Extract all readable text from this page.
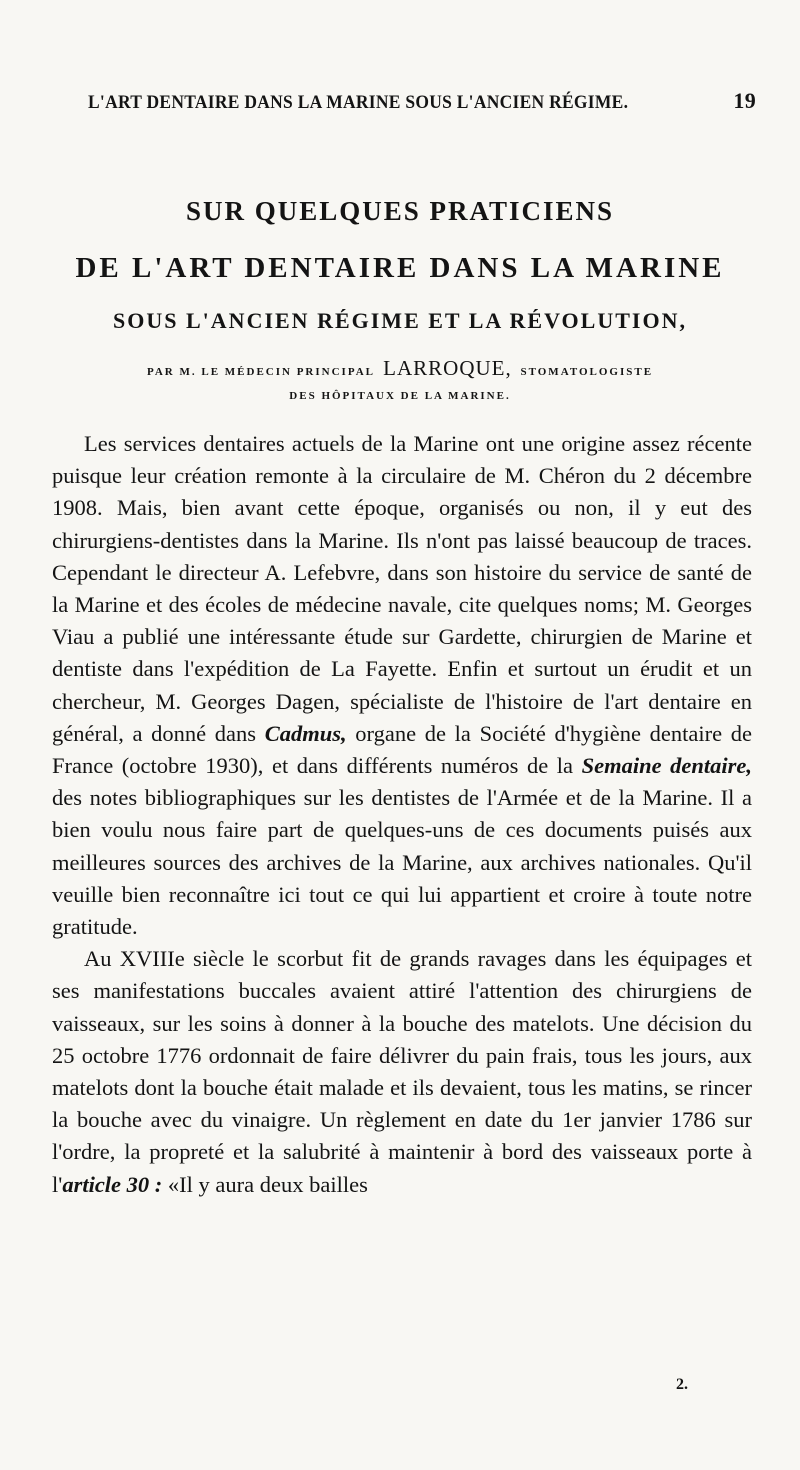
L'ART DENTAIRE DANS LA MARINE SOUS L'ANCIEN RÉGIME.	19
SUR QUELQUES PRATICIENS
DE L'ART DENTAIRE DANS LA MARINE
SOUS L'ANCIEN RÉGIME ET LA RÉVOLUTION,
PAR M. LE MÉDECIN PRINCIPAL LARROQUE, STOMATOLOGISTE
DES HÔPITAUX DE LA MARINE.

Les services dentaires actuels de la Marine ont une origine assez récente puisque leur création remonte à la circulaire de M. Chéron du 2 décembre 1908. Mais, bien avant cette époque, organisés ou non, il y eut des chirurgiens-dentistes dans la Marine. Ils n'ont pas laissé beaucoup de traces. Cependant le directeur A. Lefebvre, dans son histoire du service de santé de la Marine et des écoles de médecine navale, cite quelques noms; M. Georges Viau a publié une intéressante étude sur Gardette, chirurgien de Marine et dentiste dans l'expédition de La Fayette. Enfin et surtout un érudit et un chercheur, M. Georges Dagen, spécialiste de l'histoire de l'art dentaire en général, a donné dans Cadmus, organe de la Société d'hygiène dentaire de France (octobre 1930), et dans différents numéros de la Semaine dentaire, des notes bibliographiques sur les dentistes de l'Armée et de la Marine. Il a bien voulu nous faire part de quelques-uns de ces documents puisés aux meilleures sources des archives de la Marine, aux archives nationales. Qu'il veuille bien reconnaître ici tout ce qui lui appartient et croire à toute notre gratitude.

Au XVIIIe siècle le scorbut fit de grands ravages dans les équipages et ses manifestations buccales avaient attiré l'attention des chirurgiens de vaisseaux, sur les soins à donner à la bouche des matelots. Une décision du 25 octobre 1776 ordonnait de faire délivrer du pain frais, tous les jours, aux matelots dont la bouche était malade et ils devaient, tous les matins, se rincer la bouche avec du vinaigre. Un règlement en date du 1er janvier 1786 sur l'ordre, la propreté et la salubrité à maintenir à bord des vaisseaux porte à l'article 30 : «Il y aura deux bailles

2.
